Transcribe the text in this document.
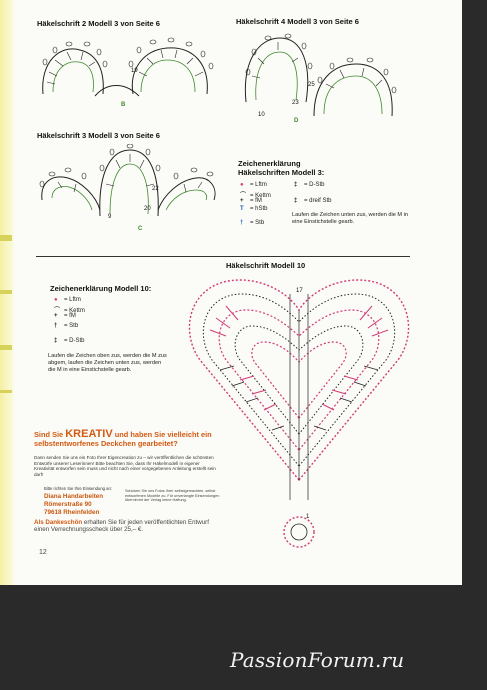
Häkelschrift 2 Modell 3 von Seite 6
19
B
Häkelschrift 4 Modell 3 von Seite 6
25
23
10
D
Häkelschrift 3 Modell 3 von Seite 6
22
20
9
C
Zeichenerklärung
Häkelschriften Modell 3:
● = Lftm
⌒ = Kettm
+ = fM
T = hStb
† = Stb
‡ = D-Stb
‡ = dreif Stb
Laufen die Zeichen unten zus, werden die M in eine Einstichstelle gearb.
Häkelschrift Modell 10
17
1
Zeichenerklärung Modell 10:
● = Lftm
⌒ = Kettm
+ = fM
† = Stb
‡ = D-Stb
Laufen die Zeichen oben zus, werden die M zus abgem, laufen die Zeichen unten zus, werden die M in eine Einstichstelle gearb.
Sind Sie KREATIV und haben Sie vielleicht ein selbstentworfenes Deckchen gearbeitet?
Dann senden Sie uns ein Foto Ihrer Eigencreation zu – wir veröffentlichen die schönsten Entwürfe unserer Leserinnen! Bitte beachten Sie, dass Ihr Häkelmodell in eigener Kreativität entworfen sein muss und nicht nach einer vorgegebenen Anleitung erstellt sein darf!
Bitte richten Sie Ihre Einsendung an:
Diana Handarbeiten
Römerstraße 90
79618 Rheinfelden
Schicken Sie uns Fotos Ihrer selbstgemachten, selbst entworfenen Modelle zu. Für unverlangte Einsendungen übernimmt der Verlag keine Haftung.
Als Dankeschön erhalten Sie für jeden veröffentlichten Entwurf einen Verrechnungsscheck über 25,– €.
12
PassionForum.ru
